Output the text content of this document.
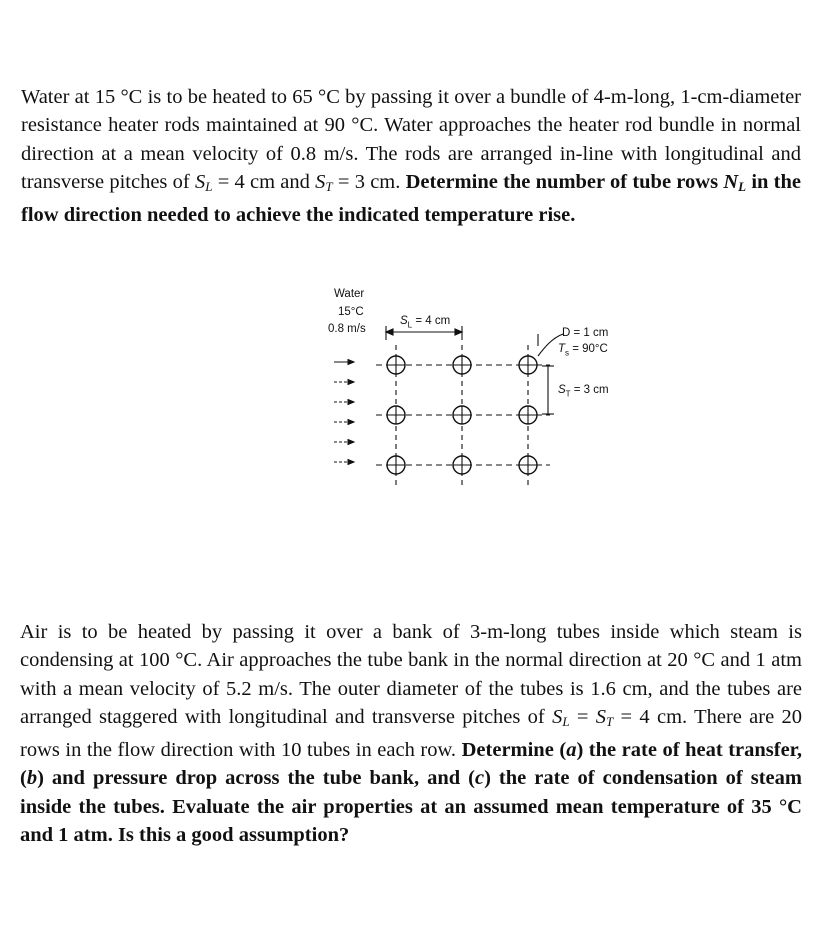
Water at 15 °C is to be heated to 65 °C by passing it over a bundle of 4-m-long, 1-cm-diameter resistance heater rods maintained at 90 °C. Water approaches the heater rod bundle in normal direction at a mean velocity of 0.8 m/s. The rods are arranged in-line with longitudinal and transverse pitches of $S_L = 4$ cm and $S_T = 3$ cm. Determine the number of tube rows $N_L$ in the flow direction needed to achieve the indicated temperature rise.
Water
15°C
0.8 m/s
$S_L = 4$ cm
D = 1 cm
$T_s = 90^\circ C$
$S_T = 3$ cm
Air is to be heated by passing it over a bank of 3-m-long tubes inside which steam is condensing at 100 °C. Air approaches the tube bank in the normal direction at 20 °C and 1 atm with a mean velocity of 5.2 m/s. The outer diameter of the tubes is 1.6 cm, and the tubes are arranged staggered with longitudinal and transverse pitches of $S_L = S_T = 4$ cm. There are 20 rows in the flow direction with 10 tubes in each row. Determine (a) the rate of heat transfer, (b) and pressure drop across the tube bank, and (c) the rate of condensation of steam inside the tubes. Evaluate the air properties at an assumed mean temperature of 35 °C and 1 atm. Is this a good assumption?
